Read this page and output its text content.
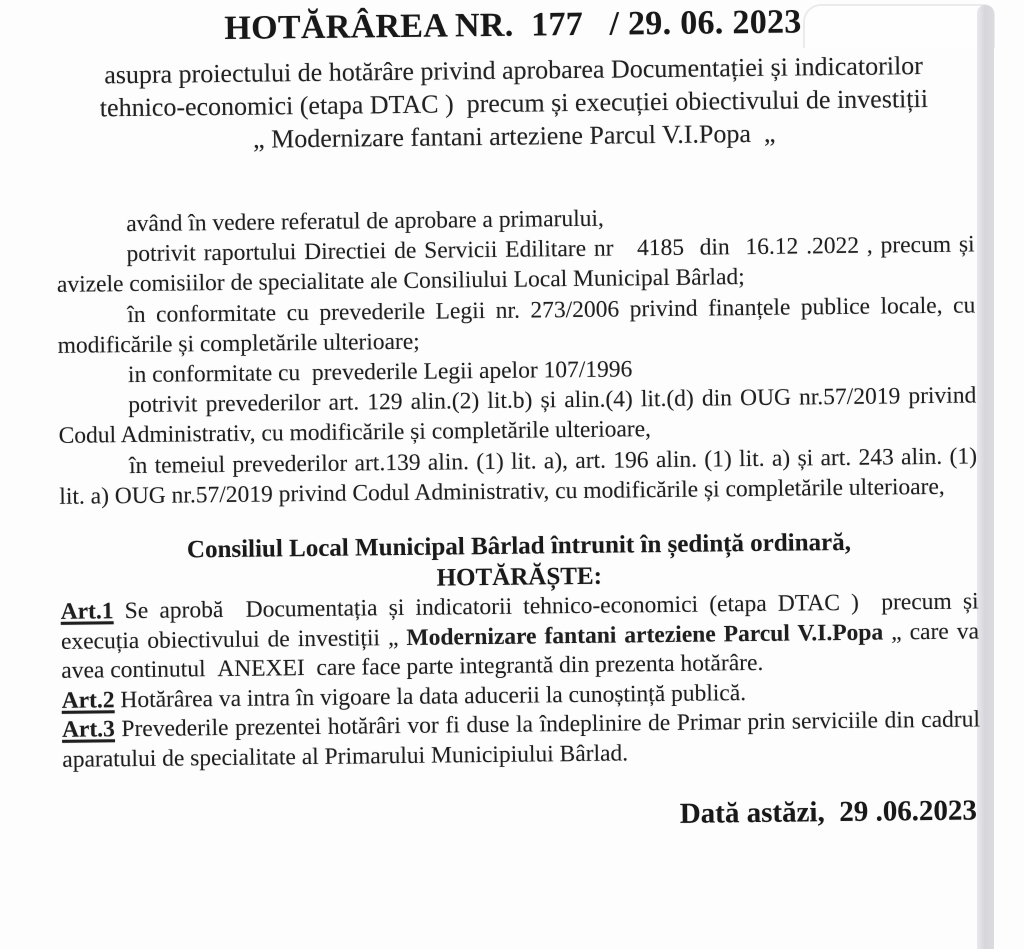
HOTĂRÂREA NR.  177   / 29. 06. 2023
asupra proiectului de hotărâre privind aprobarea Documentației și indicatorilor
tehnico-economici (etapa DTAC )  precum și execuției obiectivului de investiții
„ Modernizare fantani arteziene Parcul V.I.Popa  „

având în vedere referatul de aprobare a primarului,

potrivit raportului Directiei de Servicii Edilitare nr   4185  din  16.12 .2022 , precum și avizele comisiilor de specialitate ale Consiliului Local Municipal Bârlad;

în conformitate cu prevederile Legii nr. 273/2006 privind finanțele publice locale, cu modificările și completările ulterioare;

in conformitate cu  prevederile Legii apelor 107/1996

potrivit prevederilor art. 129 alin.(2) lit.b) și alin.(4) lit.(d) din OUG nr.57/2019 privind Codul Administrativ, cu modificările și completările ulterioare,

în temeiul prevederilor art.139 alin. (1) lit. a), art. 196 alin. (1) lit. a) și art. 243 alin. (1) lit. a) OUG nr.57/2019 privind Codul Administrativ, cu modificările și completările ulterioare,

Consiliul Local Municipal Bârlad întrunit în ședință ordinară,
HOTĂRĂȘTE:

Art.1 Se aprobă  Documentația și indicatorii tehnico-economici (etapa DTAC )  precum și execuția obiectivului de investiții „ Modernizare fantani arteziene Parcul V.I.Popa „ care va avea continutul  ANEXEI  care face parte integrantă din prezenta hotărâre.

Art.2 Hotărârea va intra în vigoare la data aducerii la cunoștință publică.

Art.3 Prevederile prezentei hotărâri vor fi duse la îndeplinire de Primar prin serviciile din cadrul aparatului de specialitate al Primarului Municipiului Bârlad.

Dată astăzi,  29 .06.2023
